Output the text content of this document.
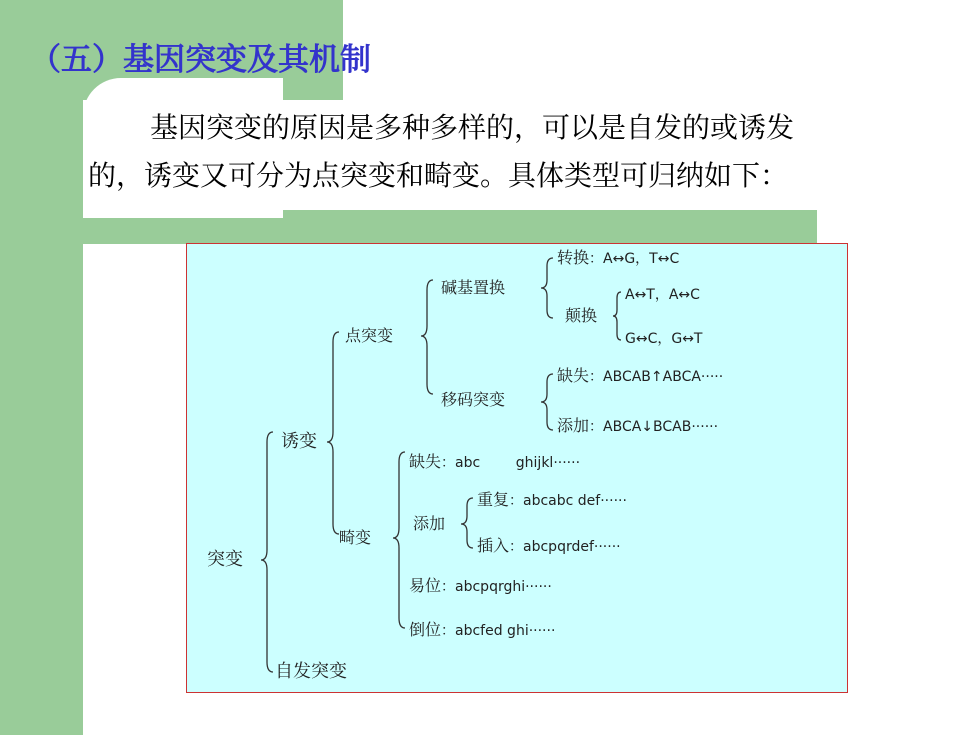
（五）基因突变及其机制

基因突变的原因是多种多样的，可以是自发的或诱发的，诱变又可分为点突变和畸变。具体类型可归纳如下：

突变
自发突变
诱变
点突变
碱基置换
转换：A↔G，T↔C
颠换
A↔T，A↔C
G↔C，G↔T
移码突变
缺失：ABCAB↑ABCA·····
添加：ABCA↓BCAB······
畸变
缺失：abc        ghijkl······
添加
重复：abcabc def······
插入：abcpqrdef······
易位：abcpqrghi······
倒位：abcfed ghi······
